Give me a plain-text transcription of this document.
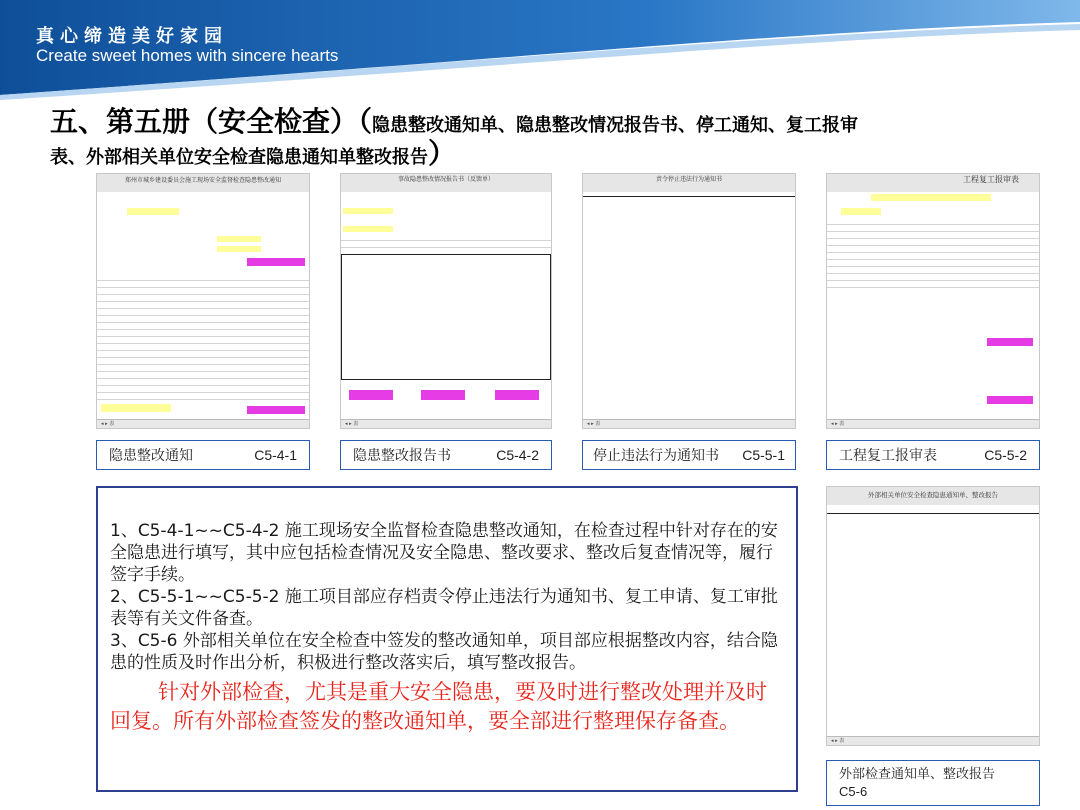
真心缔造美好家园
Create sweet homes with sincere hearts
五、第五册（安全检查）（隐患整改通知单、隐患整改情况报告书、停工通知、复工报审
表、外部相关单位安全检查隐患通知单整改报告）
郑州市城乡建设委员会施工现场安全监督检查隐患整改通知
◂ ▸ 表
事故隐患整改情况报告书（反馈单）
◂ ▸ 表
责令停止违法行为通知书
◂ ▸ 表
工程复工报审表
◂ ▸ 表
隐患整改通知	C5-4-1	隐患整改报告书	C5-4-2	停止违法行为通知书 C5-5-1	工程复工报审表	C5-5-2
外部相关单位安全检查隐患通知单、整改报告
◂ ▸ 表

1、C5-4-1~~C5-4-2 施工现场安全监督检查隐患整改通知，在检查过程中针对存在的安全隐患进行填写，其中应包括检查情况及安全隐患、整改要求、整改后复查情况等，履行签字手续。

2、C5-5-1~~C5-5-2 施工项目部应存档责令停止违法行为通知书、复工申请、复工审批表等有关文件备查。

3、C5-6 外部相关单位在安全检查中签发的整改通知单，项目部应根据整改内容，结合隐患的性质及时作出分析，积极进行整改落实后，填写整改报告。

针对外部检查，尤其是重大安全隐患，要及时进行整改处理并及时回复。所有外部检查签发的整改通知单，要全部进行整理保存备查。

外部检查通知单、整改报告
C5-6
